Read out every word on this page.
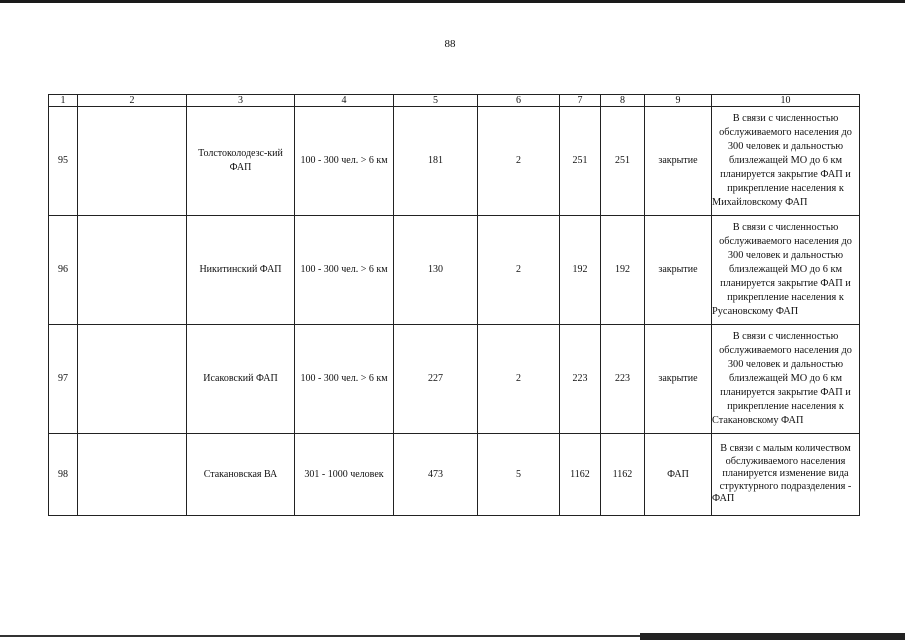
88
1	2	3	4	5	6	7	8	9	10
95		Толстоколодезс-кий ФАП	100 - 300 чел. > 6 км	181	2	251	251	закрытие	В связи с численностью обслуживаемого населения до 300 человек и дальностью близлежащей МО до 6 км планируется закрытие ФАП и прикрепление населения к Михайловскому ФАП
96		Никитинский ФАП	100 - 300 чел. > 6 км	130	2	192	192	закрытие	В связи с численностью обслуживаемого населения до 300 человек и дальностью близлежащей МО до 6 км планируется закрытие ФАП и прикрепление населения к Русановскому ФАП
97		Исаковский ФАП	100 - 300 чел. > 6 км	227	2	223	223	закрытие	В связи с численностью обслуживаемого населения до 300 человек и дальностью близлежащей МО до 6 км планируется закрытие ФАП и прикрепление населения к Стакановскому ФАП
98		Стакановская ВА	301 - 1000 человек	473	5	1162	1162	ФАП	В связи с малым количеством обслуживаемого населения планируется изменение вида структурного подразделения - ФАП
